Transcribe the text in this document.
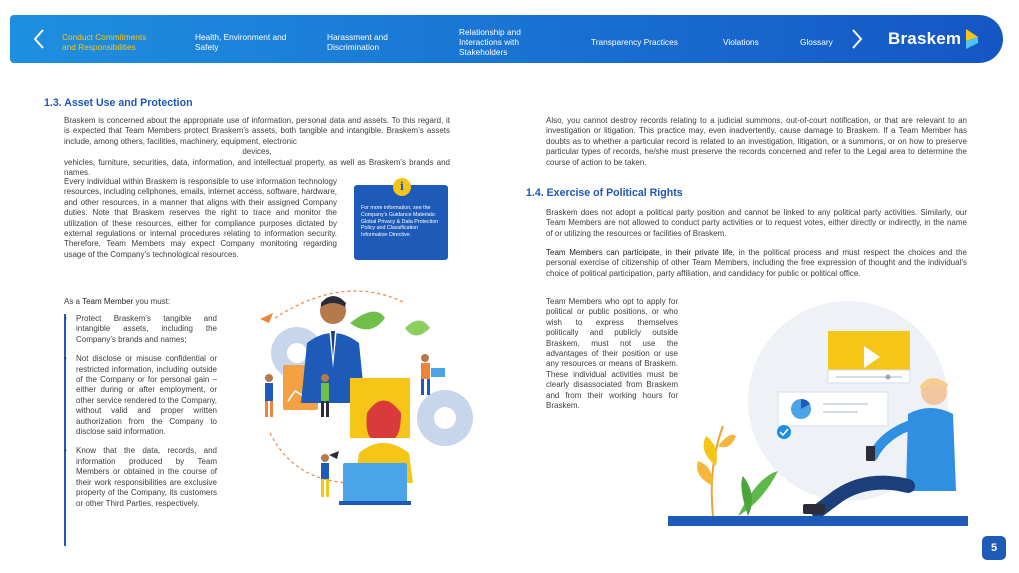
Conduct Commitments and Responsibilities
Health, Environment and Safety
Harassment and Discrimination
Relationship and Interactions with Stakeholders
Transparency Practices	Violations	Glossary	Braskem
1.3. Asset Use and Protection
Braskem is concerned about the appropriate use of information, personal data and assets. To this regard, it is expected that Team Members protect Braskem’s assets, both tangible and intangible. Braskem’s assets include, among others, facilities, machinery, equipment, electronic
devices,
vehicles, furniture, securities, data, information, and intellectual property, as well as Braskem’s brands and names.
Every individual within Braskem is responsible to use information technology resources, including cellphones, emails, internet access, software, hardware, and other resources, in a manner that aligns with their assigned Company duties. Note that Braskem reserves the right to trace and monitor the utilization of these resources, either for compliance purposes dictated by external regulations or internal procedures relating to information security. Therefore, Team Members may expect Company monitoring regarding usage of the Company’s technological resources.
For more information, see the Company’s Guidance Materials: Global Privacy & Data Protection Policy and Classification Information Directive.
i
As a Team Member you must:
• Protect Braskem’s tangible and intangible assets, including the Company’s brands and names;
• Not disclose or misuse confidential or restricted information, including outside of the Company or for personal gain – either during or after employment, or other service rendered to the Company, without valid and proper written authorization from the Company to disclose said information.
• Know that the data, records, and information produced by Team Members or obtained in the course of their work responsibilities are exclusive property of the Company, its customers or other Third Parties, respectively.
Also, you cannot destroy records relating to a judicial summons, out-of-court notification, or that are relevant to an investigation or litigation. This practice may, even inadvertently, cause damage to Braskem. If a Team Member has doubts as to whether a particular record is related to an investigation, litigation, or a summons, or on how to preserve particular types of records, he/she must preserve the records concerned and refer to the Legal area to determine the course of action to be taken.
1.4. Exercise of Political Rights
Braskem does not adopt a political party position and cannot be linked to any political party activities. Similarly, our Team Members are not allowed to conduct party activities or to request votes, either directly or indirectly, in the name of or utilizing the resources or facilities of Braskem.
Team Members can participate, in their private life, in the political process and must respect the choices and the personal exercise of citizenship of other Team Members, including the free expression of thought and the individual’s choice of political participation, party affiliation, and candidacy for public or political office.
Team Members who opt to apply for political or public positions, or who wish to express themselves politically and publicly outside Braskem, must not use the advantages of their position or use any resources or means of Braskem. These individual activities must be clearly disassociated from Braskem and from their working hours for Braskem.
5
